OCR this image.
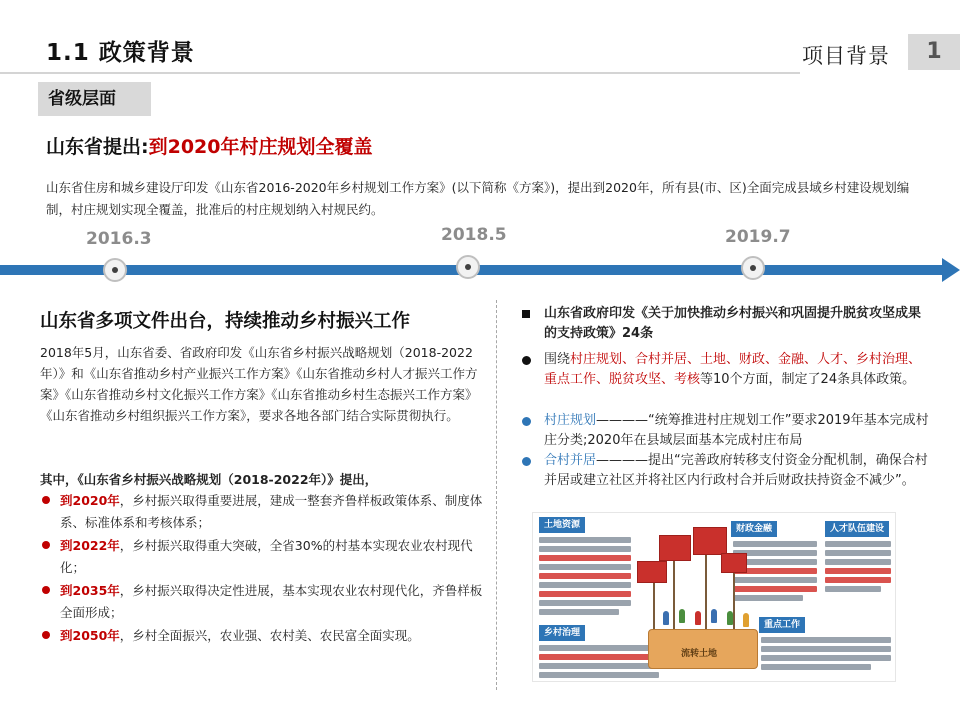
1.1 政策背景	项目背景	1
省级层面
山东省提出:到2020年村庄规划全覆盖
山东省住房和城乡建设厅印发《山东省2016-2020年乡村规划工作方案》(以下简称《方案》)，提出到2020年，所有县(市、区)全面完成县域乡村建设规划编制，村庄规划实现全覆盖，批准后的村庄规划纳入村规民约。
2016.3	2018.5	2019.7
山东省多项文件出台，持续推动乡村振兴工作
2018年5月，山东省委、省政府印发《山东省乡村振兴战略规划（2018-2022年）》和《山东省推动乡村产业振兴工作方案》《山东省推动乡村人才振兴工作方案》《山东省推动乡村文化振兴工作方案》《山东省推动乡村生态振兴工作方案》《山东省推动乡村组织振兴工作方案》，要求各地各部门结合实际贯彻执行。
其中，《山东省乡村振兴战略规划（2018-2022年）》提出，
到2020年，乡村振兴取得重要进展，建成一整套齐鲁样板政策体系、制度体系、标准体系和考核体系；
到2022年，乡村振兴取得重大突破，全省30%的村基本实现农业农村现代化；
到2035年，乡村振兴取得决定性进展，基本实现农业农村现代化，齐鲁样板全面形成；
到2050年，乡村全面振兴，农业强、农村美、农民富全面实现。
山东省政府印发《关于加快推动乡村振兴和巩固提升脱贫攻坚成果的支持政策》24条
围绕村庄规划、合村并居、土地、财政、金融、人才、乡村治理、重点工作、脱贫攻坚、考核等10个方面，制定了24条具体政策。
村庄规划————“统筹推进村庄规划工作”要求2019年基本完成村庄分类;2020年在县域层面基本完成村庄布局
合村并居————提出“完善政府转移支付资金分配机制，确保合村并居或建立社区并将社区内行政村合并后财政扶持资金不减少”。
土地资源	财政金融	人才队伍建设
乡村治理
重点工作
流转土地
